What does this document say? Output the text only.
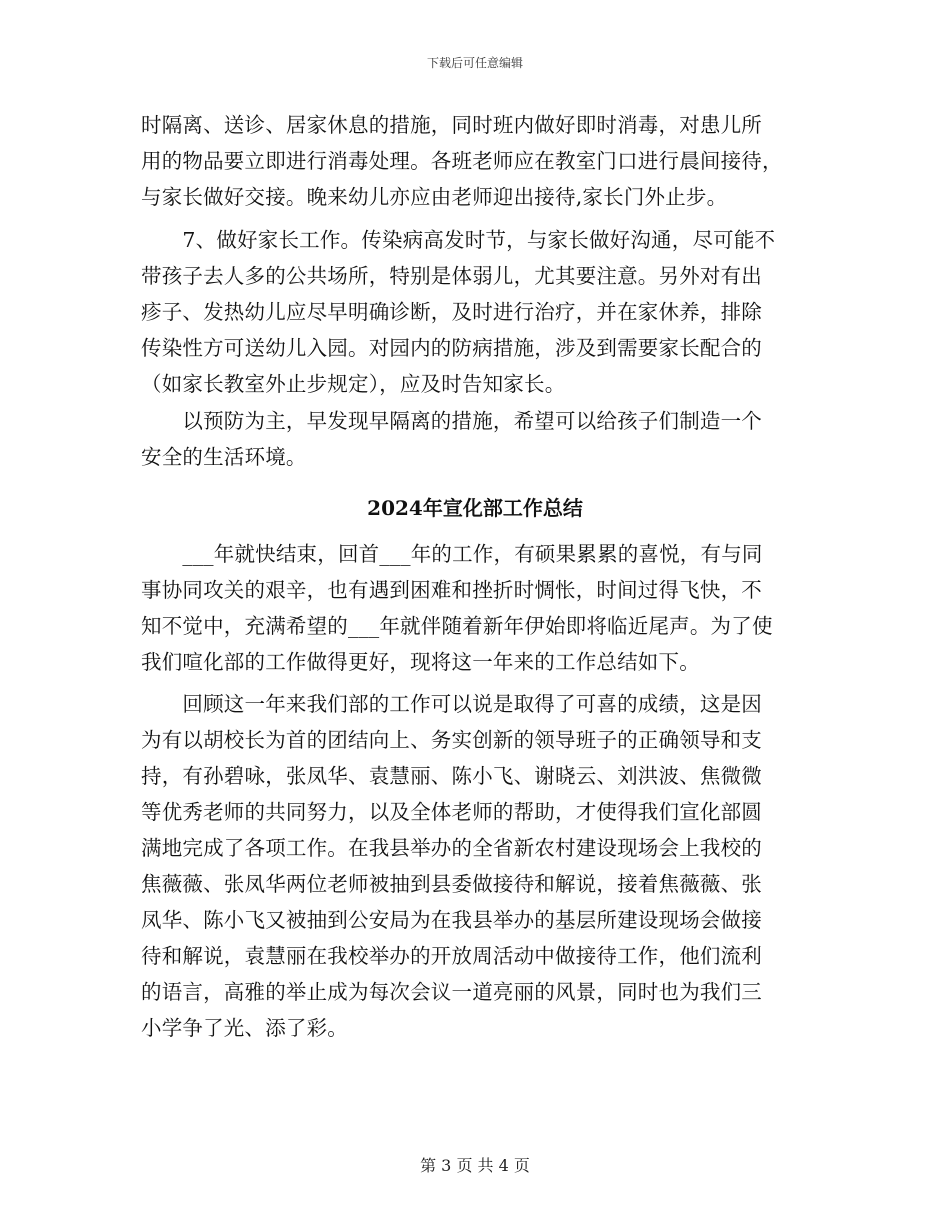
下载后可任意编辑
时隔离、送诊、居家休息的措施，同时班内做好即时消毒，对患儿所
用的物品要立即进行消毒处理。各班老师应在教室门口进行晨间接待，
与家长做好交接。晚来幼儿亦应由老师迎出接待,家长门外止步。
　　7、做好家长工作。传染病高发时节，与家长做好沟通，尽可能不
带孩子去人多的公共场所，特别是体弱儿，尤其要注意。另外对有出
疹子、发热幼儿应尽早明确诊断，及时进行治疗，并在家休养，排除
传染性方可送幼儿入园。对园内的防病措施，涉及到需要家长配合的
（如家长教室外止步规定），应及时告知家长。
　　以预防为主，早发现早隔离的措施，希望可以给孩子们制造一个
安全的生活环境。
2024年宣化部工作总结
　　___年就快结束，回首___年的工作，有硕果累累的喜悦，有与同
事协同攻关的艰辛，也有遇到困难和挫折时惆怅，时间过得飞快，不
知不觉中，充满希望的___年就伴随着新年伊始即将临近尾声。为了使
我们喧化部的工作做得更好，现将这一年来的工作总结如下。
　　回顾这一年来我们部的工作可以说是取得了可喜的成绩，这是因
为有以胡校长为首的团结向上、务实创新的领导班子的正确领导和支
持，有孙碧咏，张凤华、袁慧丽、陈小飞、谢晓云、刘洪波、焦微微
等优秀老师的共同努力，以及全体老师的帮助，才使得我们宣化部圆
满地完成了各项工作。在我县举办的全省新农村建设现场会上我校的
焦薇薇、张凤华两位老师被抽到县委做接待和解说，接着焦薇薇、张
凤华、陈小飞又被抽到公安局为在我县举办的基层所建设现场会做接
待和解说，袁慧丽在我校举办的开放周活动中做接待工作，他们流利
的语言，高雅的举止成为每次会议一道亮丽的风景，同时也为我们三
小学争了光、添了彩。
第 3 页 共 4 页
